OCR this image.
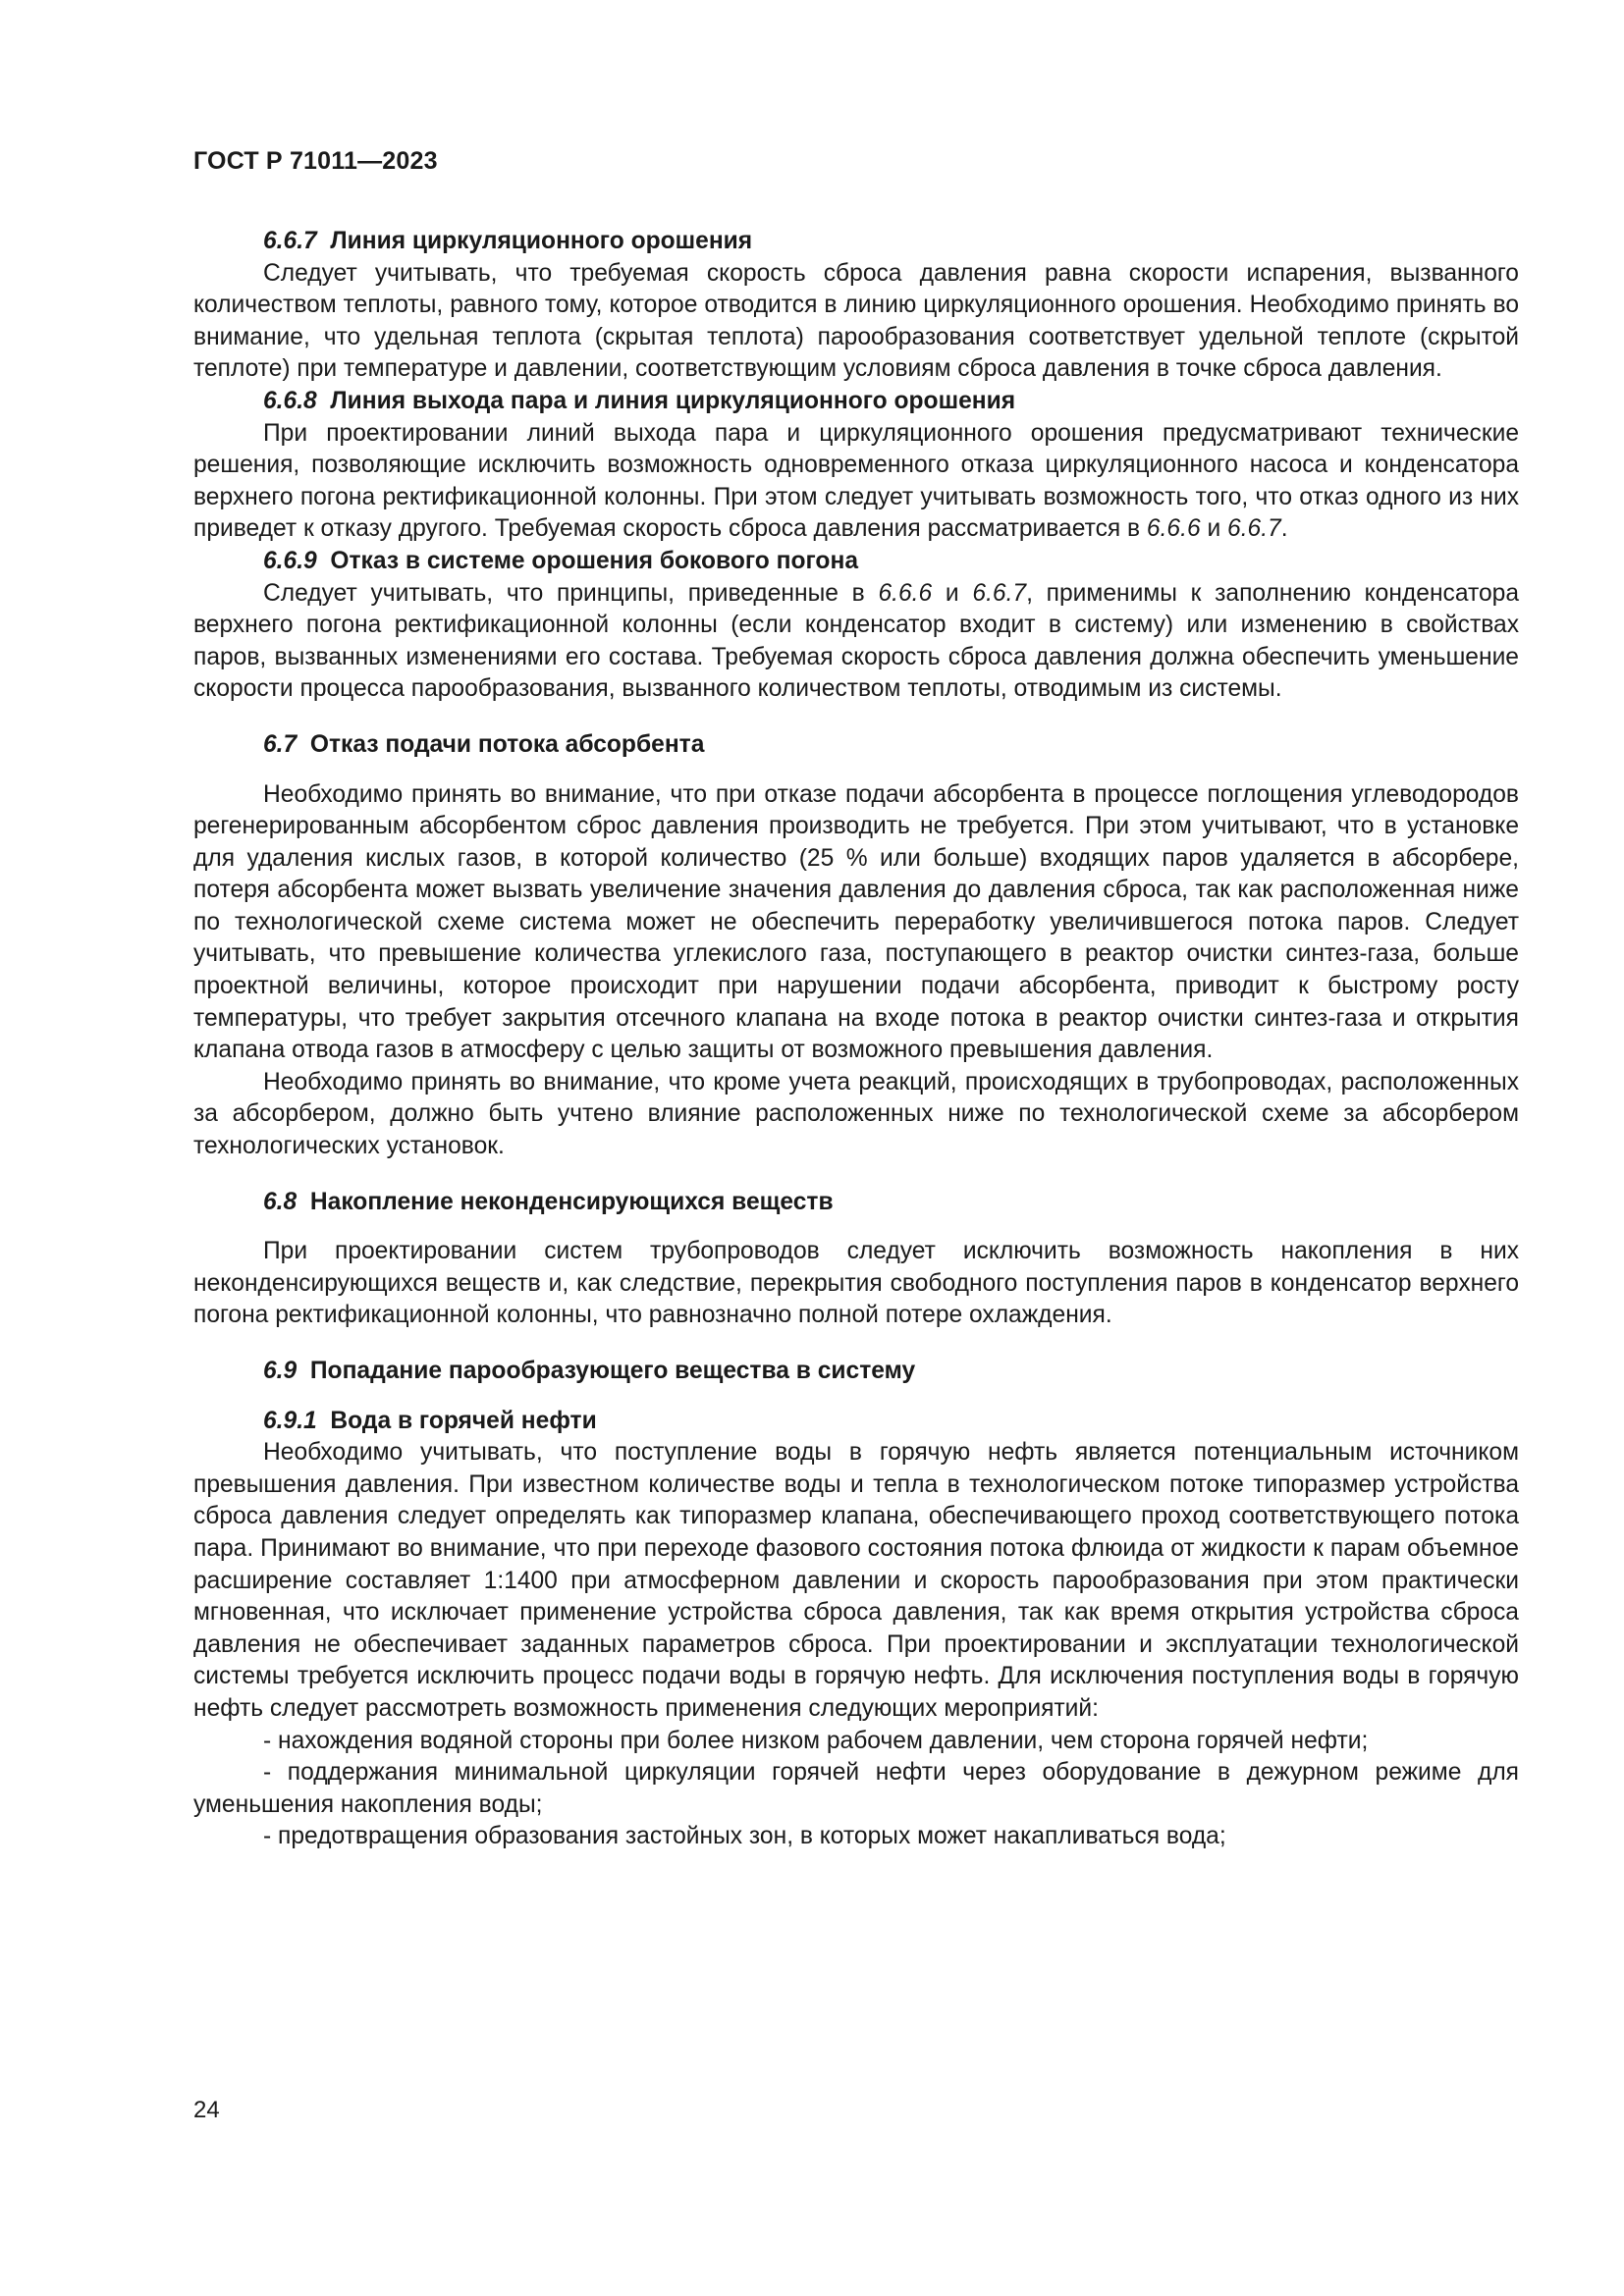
ГОСТ Р 71011—2023
6.6.7 Линия циркуляционного орошения

Следует учитывать, что требуемая скорость сброса давления равна скорости испарения, вызванного количеством теплоты, равного тому, которое отводится в линию циркуляционного орошения. Необходимо принять во внимание, что удельная теплота (скрытая теплота) парообразования соответствует удельной теплоте (скрытой теплоте) при температуре и давлении, соответствующим условиям сброса давления в точке сброса давления.

6.6.8 Линия выхода пара и линия циркуляционного орошения

При проектировании линий выхода пара и циркуляционного орошения предусматривают технические решения, позволяющие исключить возможность одновременного отказа циркуляционного насоса и конденсатора верхнего погона ректификационной колонны. При этом следует учитывать возможность того, что отказ одного из них приведет к отказу другого. Требуемая скорость сброса давления рассматривается в 6.6.6 и 6.6.7.

6.6.9 Отказ в системе орошения бокового погона

Следует учитывать, что принципы, приведенные в 6.6.6 и 6.6.7, применимы к заполнению конденсатора верхнего погона ректификационной колонны (если конденсатор входит в систему) или изменению в свойствах паров, вызванных изменениями его состава. Требуемая скорость сброса давления должна обеспечить уменьшение скорости процесса парообразования, вызванного количеством теплоты, отводимым из системы.

6.7 Отказ подачи потока абсорбента

Необходимо принять во внимание, что при отказе подачи абсорбента в процессе поглощения углеводородов регенерированным абсорбентом сброс давления производить не требуется. При этом учитывают, что в установке для удаления кислых газов, в которой количество (25 % или больше) входящих паров удаляется в абсорбере, потеря абсорбента может вызвать увеличение значения давления до давления сброса, так как расположенная ниже по технологической схеме система может не обеспечить переработку увеличившегося потока паров. Следует учитывать, что превышение количества углекислого газа, поступающего в реактор очистки синтез-газа, больше проектной величины, которое происходит при нарушении подачи абсорбента, приводит к быстрому росту температуры, что требует закрытия отсечного клапана на входе потока в реактор очистки синтез-газа и открытия клапана отвода газов в атмосферу с целью защиты от возможного превышения давления.

Необходимо принять во внимание, что кроме учета реакций, происходящих в трубопроводах, расположенных за абсорбером, должно быть учтено влияние расположенных ниже по технологической схеме за абсорбером технологических установок.

6.8 Накопление неконденсирующихся веществ

При проектировании систем трубопроводов следует исключить возможность накопления в них неконденсирующихся веществ и, как следствие, перекрытия свободного поступления паров в конденсатор верхнего погона ректификационной колонны, что равнозначно полной потере охлаждения.

6.9 Попадание парообразующего вещества в систему
6.9.1 Вода в горячей нефти

Необходимо учитывать, что поступление воды в горячую нефть является потенциальным источником превышения давления. При известном количестве воды и тепла в технологическом потоке типоразмер устройства сброса давления следует определять как типоразмер клапана, обеспечивающего проход соответствующего потока пара. Принимают во внимание, что при переходе фазового состояния потока флюида от жидкости к парам объемное расширение составляет 1:1400 при атмосферном давлении и скорость парообразования при этом практически мгновенная, что исключает применение устройства сброса давления, так как время открытия устройства сброса давления не обеспечивает заданных параметров сброса. При проектировании и эксплуатации технологической системы требуется исключить процесс подачи воды в горячую нефть. Для исключения поступления воды в горячую нефть следует рассмотреть возможность применения следующих мероприятий:

- нахождения водяной стороны при более низком рабочем давлении, чем сторона горячей нефти;

- поддержания минимальной циркуляции горячей нефти через оборудование в дежурном режиме для уменьшения накопления воды;

- предотвращения образования застойных зон, в которых может накапливаться вода;

24
